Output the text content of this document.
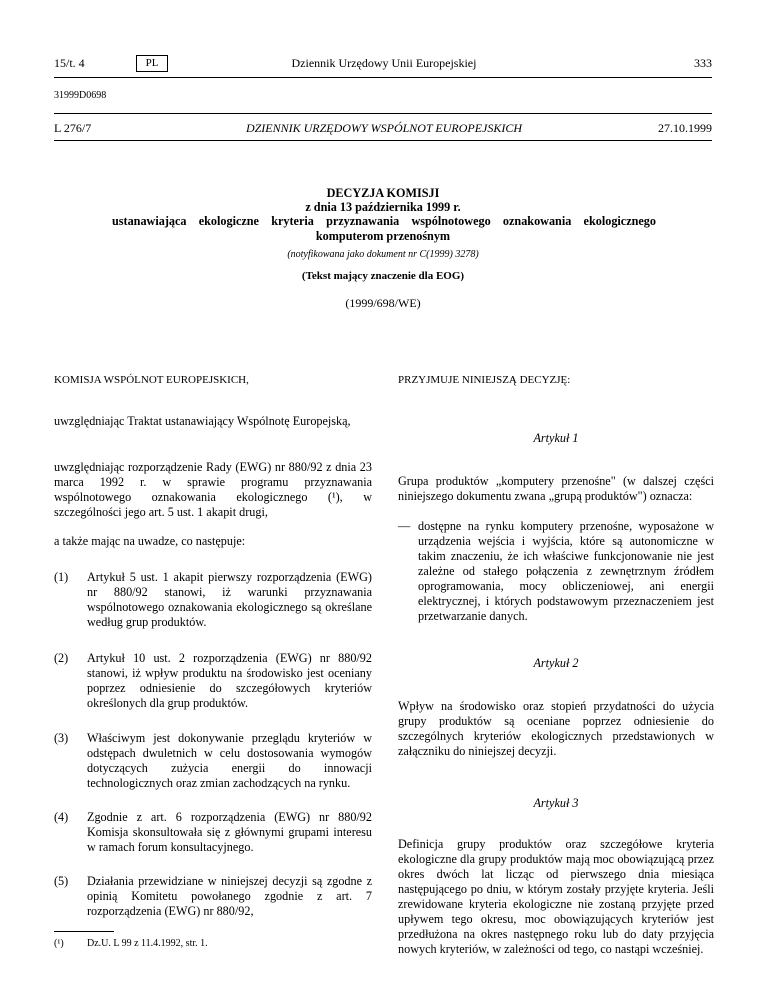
15/t. 4	PL	Dziennik Urzędowy Unii Europejskiej	333
31999D0698
L 276/7	DZIENNIK URZĘDOWY WSPÓLNOT EUROPEJSKICH	27.10.1999
DECYZJA KOMISJI
z dnia 13 października 1999 r.
ustanawiająca ekologiczne kryteria przyznawania wspólnotowego oznakowania ekologicznego
komputerom przenośnym
(notyfikowana jako dokument nr C(1999) 3278)
(Tekst mający znaczenie dla EOG)
(1999/698/WE)
KOMISJA WSPÓLNOT EUROPEJSKICH,
uwzględniając Traktat ustanawiający Wspólnotę Europejską,
uwzględniając rozporządzenie Rady (EWG) nr 880/92 z dnia 23 marca 1992 r. w sprawie programu przyznawania wspólnotowego oznakowania ekologicznego (¹), w szczególności jego art. 5 ust. 1 akapit drugi,
a także mając na uwadze, co następuje:
(1)	Artykuł 5 ust. 1 akapit pierwszy rozporządzenia (EWG) nr 880/92 stanowi, iż warunki przyznawania wspólnotowego oznakowania ekologicznego są określane według grup produktów.
(2)	Artykuł 10 ust. 2 rozporządzenia (EWG) nr 880/92 stanowi, iż wpływ produktu na środowisko jest oceniany poprzez odniesienie do szczegółowych kryteriów określonych dla grup produktów.
(3)	Właściwym jest dokonywanie przeglądu kryteriów w odstępach dwuletnich w celu dostosowania wymogów dotyczących zużycia energii do innowacji technologicznych oraz zmian zachodzących na rynku.
(4)	Zgodnie z art. 6 rozporządzenia (EWG) nr 880/92 Komisja skonsultowała się z głównymi grupami interesu w ramach forum konsultacyjnego.
(5)	Działania przewidziane w niniejszej decyzji są zgodne z opinią Komitetu powołanego zgodnie z art. 7 rozporządzenia (EWG) nr 880/92,
(¹) Dz.U. L 99 z 11.4.1992, str. 1.
PRZYJMUJE NINIEJSZĄ DECYZJĘ:
Artykuł 1
Grupa produktów „komputery przenośne" (w dalszej części niniejszego dokumentu zwana „grupą produktów") oznacza:
— dostępne na rynku komputery przenośne, wyposażone w urządzenia wejścia i wyjścia, które są autonomiczne w takim znaczeniu, że ich właściwe funkcjonowanie nie jest zależne od stałego połączenia z zewnętrznym źródłem oprogramowania, mocy obliczeniowej, ani energii elektrycznej, i których podstawowym przeznaczeniem jest przetwarzanie danych.
Artykuł 2
Wpływ na środowisko oraz stopień przydatności do użycia grupy produktów są oceniane poprzez odniesienie do szczególnych kryteriów ekologicznych przedstawionych w załączniku do niniejszej decyzji.
Artykuł 3
Definicja grupy produktów oraz szczegółowe kryteria ekologiczne dla grupy produktów mają moc obowiązującą przez okres dwóch lat licząc od pierwszego dnia miesiąca następującego po dniu, w którym zostały przyjęte kryteria. Jeśli zrewidowane kryteria ekologiczne nie zostaną przyjęte przed upływem tego okresu, moc obowiązujących kryteriów jest przedłużona na okres następnego roku lub do daty przyjęcia nowych kryteriów, w zależności od tego, co nastąpi wcześniej.
